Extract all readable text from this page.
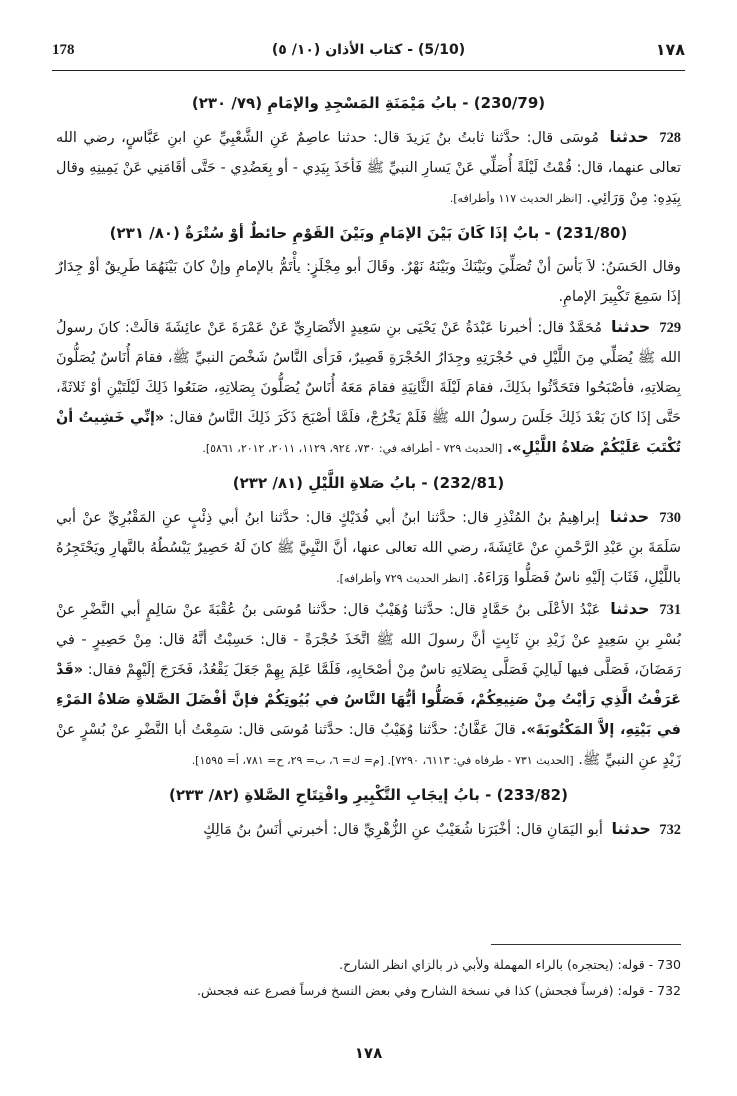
178	(5/10) - كتاب الأذان (١٠/ ٥)	١٧٨

(230/79) - بابُ مَيْمَنَةِ المَسْجِدِ والإمَامِ (٧٩/ ٢٣٠)

728 حدثنا مُوسَى قال: حدَّثنا ثابتُ بنُ يَزيدَ قال: حدثنا عاصِمٌ عَنِ الشَّعْبِيِّ عنِ ابنِ عَبَّاسٍ، رضي الله تعالى عنهما، قال: قُمْتُ لَيْلَةً أُصَلِّي عَنْ يَسارِ النبيِّ ﷺ فَأخَذَ بِيَدِي - أو بِعَضُدِي - حَتَّى أقَامَنِي عَنْ يَمِينِهِ وقال بِيَدِهِ: مِنْ وَرَائِي. [انظر الحديث ١١٧ وأطرافه].

(231/80) - بابٌ إذَا كَانَ بَيْنَ الإمَامِ وبَيْنَ القَوْمِ حائطٌ أوْ سُتْرَةٌ (٨٠/ ٢٣١)

وقال الحَسَنُ: لاَ بَأسَ أنْ تُصَلِّيَ وبَيْنَكَ وبَيْنَهُ نَهْرٌ. وقَالَ أبو مِجْلَزٍ: يأْتَمُّ بالإمامِ وإنْ كانَ بَيْنَهُمَا طَرِيقٌ أوْ جِدَارٌ إذَا سَمِعَ تَكْبِيرَ الإمامِ.

729 حدثنا مُحَمَّدٌ قال: أخبرنا عَبْدَةُ عَنْ يَحْيَى بنِ سَعِيدٍ الأنْصَارِيِّ عَنْ عَمْرَةَ عَنْ عائِشَةَ قالَتْ: كانَ رسولُ الله ﷺ يُصَلِّي مِنَ اللَّيْلِ في حُجْرَتِهِ وجِدَارُ الحُجْرَةِ قَصِيرٌ، فَرَأى النَّاسُ شَخْصَ النبيِّ ﷺ، فقامَ أُنَاسٌ يُصَلُّونَ بِصَلاتِهِ، فأصْبَحُوا فتَحَدَّثُوا بذَلِكَ، فقامَ لَيْلَةَ الثَّانِيَةِ فقامَ مَعَهُ أُنَاسٌ يُصَلُّونَ بِصَلاتِهِ، صَنَعُوا ذَلِكَ لَيْلَتَيْنِ أوْ ثَلاثَةً، حَتَّى إذَا كانَ بَعْدَ ذَلِكَ جَلَسَ رسولُ الله ﷺ فَلَمْ يَخْرُجْ، فلَمَّا أصْبَحَ ذَكَرَ ذَلِكَ النَّاسُ فقال: «إنِّي خَشِيتُ أنْ تُكْتَبَ عَلَيْكُمْ صَلاةُ اللَّيْلِ». [الحديث ٧٢٩ - أطرافه في: ٧٣٠، ٩٢٤، ١١٢٩، ٢٠١١، ٢٠١٢، ٥٨٦١].

(232/81) - بابُ صَلاةِ اللَّيْلِ (٨١/ ٢٣٢)

730 حدثنا إبراهِيمُ بنُ المُنْذِرِ قال: حدَّثنا ابنُ أبي فُدَيْكٍ قال: حدَّثنا ابنُ أبي ذِئْبٍ عنِ المَقْبُرِيِّ عنْ أبي سَلَمَةَ بنِ عَبْدِ الرَّحْمنِ عنْ عَائِشَةَ، رضي الله تعالى عنها، أنَّ النَّبِيَّ ﷺ كانَ لَهُ حَصِيرٌ يَبْسُطُهُ بالنَّهارِ ويَحْتَجِرُهُ باللَّيْلِ، فَثَابَ إلَيْهِ ناسٌ فَصَلُّوا وَرَاءَهُ. [انظر الحديث ٧٢٩ وأطرافه].

731 حدثنا عَبْدُ الأعْلَى بنُ حَمَّادٍ قال: حدَّثنا وُهَيْبٌ قال: حدَّثنا مُوسَى بنُ عُقْبَةَ عنْ سَالِمٍ أبي النَّضْرِ عنْ بُسْرِ بنِ سَعِيدٍ عنْ زَيْدِ بنِ ثَابِتٍ أنَّ رسولَ الله ﷺ اتَّخَذَ حُجْرَةً - قال: حَسِبْتُ أنَّهُ قال: مِنْ حَصِيرٍ - في رَمَضَانَ، فَصَلَّى فيها لَيالِيَ فَصَلَّى بِصَلاتِهِ ناسٌ مِنْ أصْحَابِهِ، فَلَمَّا عَلِمَ بِهِمْ جَعَلَ يَقْعُدُ، فَخَرَجَ إلَيْهِمْ فقال: «قَدْ عَرَفْتُ الَّذِي رَأيْتُ مِنْ صَنِيعِكُمْ، فَصَلُّوا أيُّهَا النَّاسُ في بُيُوتِكُمْ فإنَّ أفْضَلَ الصَّلاةِ صَلاةُ المَرْءِ في بَيْتِهِ، إلاَّ المَكْتُوبَةَ». قالَ عَفَّانُ: حدَّثنا وُهَيْبٌ قال: حدَّثنا مُوسَى قال: سَمِعْتُ أبا النَّضْرِ عنْ بُسْرٍ عنْ زَيْدٍ عنِ النبيِّ ﷺ. [الحديث ٧٣١ - طرفاه في: ٦١١٣، ٧٢٩٠]. [م= ك= ٦، ب= ٢٩، ح= ٧٨١، أ= ١٥٩٥].

(233/82) - بابُ إيجَابِ التَّكْبِيرِ وافْتِتَاحِ الصَّلاةِ (٨٢/ ٢٣٣)

732 حدثنا أبو اليَمَانِ قال: أخْبَرَنا شُعَيْبٌ عنِ الزُّهْرِيِّ قال: أخبرني أنَسُ بنُ مَالِكٍ

730 - قوله: (يحتجره) بالراء المهملة ولأبي ذر بالزاي انظر الشارح.

732 - قوله: (فرساً فجحش) كذا في نسخة الشارح وفي بعض النسخ فرساً فصرع عنه فجحش.

١٧٨
